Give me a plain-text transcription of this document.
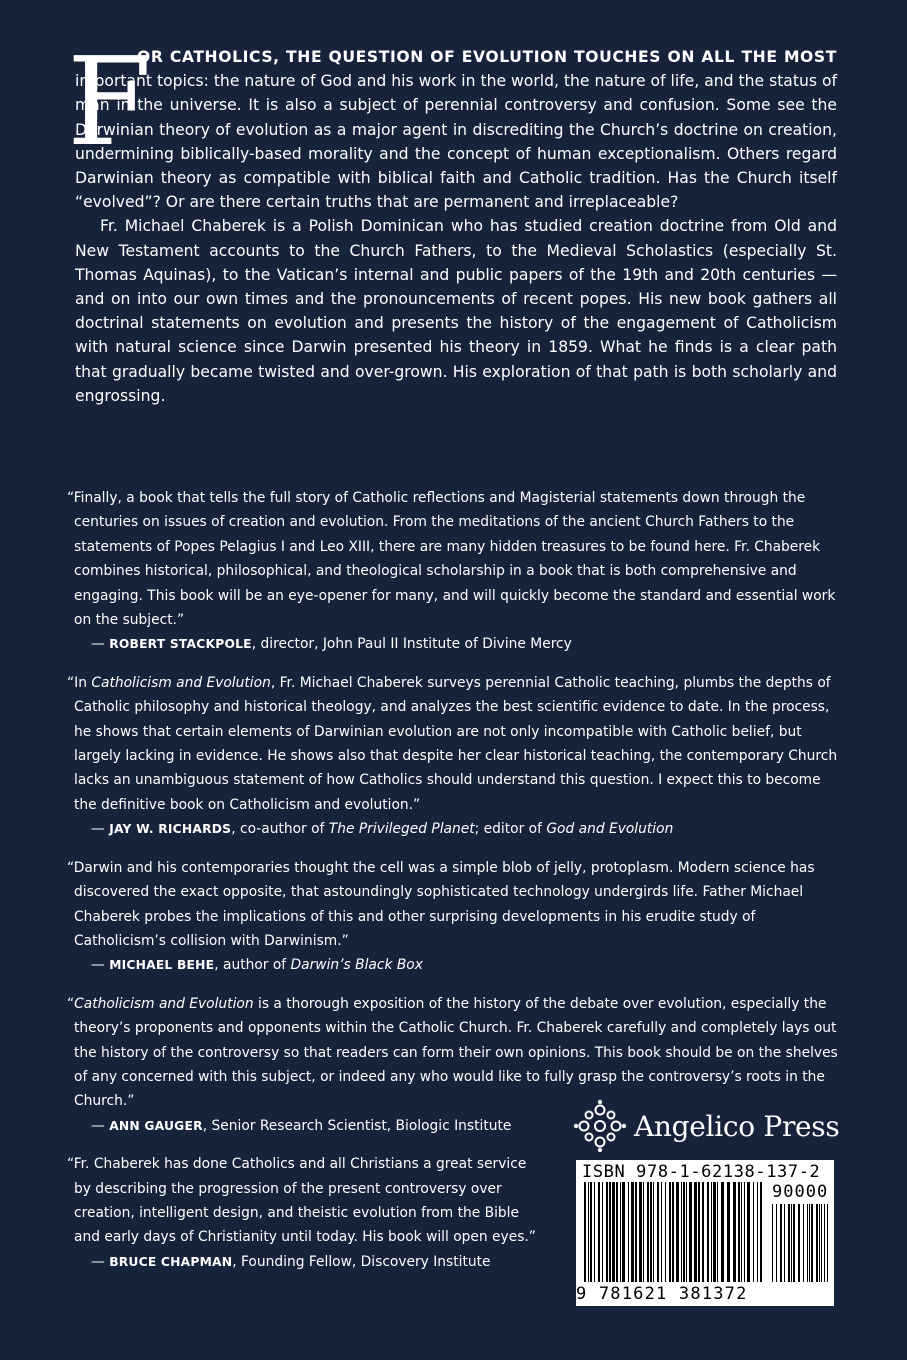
F

OR CATHOLICS, THE QUESTION OF EVOLUTION TOUCHES ON ALL THE MOST important topics: the nature of God and his work in the world, the nature of life, and the status of man in the universe. It is also a subject of perennial controversy and confusion. Some see the Darwinian theory of evolution as a major agent in discrediting the Church’s doctrine on creation, undermining biblically-based morality and the concept of human exceptionalism. Others regard Darwinian theory as compatible with biblical faith and Catholic tradition. Has the Church itself “evolved”? Or are there certain truths that are permanent and irreplaceable?

Fr. Michael Chaberek is a Polish Dominican who has studied creation doctrine from Old and New Testament accounts to the Church Fathers, to the Medieval Scholastics (especially St. Thomas Aquinas), to the Vatican’s internal and public papers of the 19th and 20th centuries — and on into our own times and the pronouncements of recent popes. His new book gathers all doctrinal statements on evolution and presents the history of the engagement of Catholicism with natural science since Darwin presented his theory in 1859. What he finds is a clear path that gradually became twisted and over-grown. His exploration of that path is both scholarly and engrossing.

“Finally, a book that tells the full story of Catholic reflections and Magisterial statements down through the centuries on issues of creation and evolution. From the meditations of the ancient Church Fathers to the statements of Popes Pelagius I and Leo XIII, there are many hidden treasures to be found here. Fr. Chaberek combines historical, philosophical, and theological scholarship in a book that is both comprehensive and engaging. This book will be an eye-opener for many, and will quickly become the standard and essential work on the subject.”

— ROBERT STACKPOLE, director, John Paul II Institute of Divine Mercy

“In Catholicism and Evolution, Fr. Michael Chaberek surveys perennial Catholic teaching, plumbs the depths of Catholic philosophy and historical theology, and analyzes the best scientific evidence to date. In the process, he shows that certain elements of Darwinian evolution are not only incompatible with Catholic belief, but largely lacking in evidence. He shows also that despite her clear historical teaching, the contemporary Church lacks an unambiguous statement of how Catholics should understand this question. I expect this to become the definitive book on Catholicism and evolution.”

— JAY W. RICHARDS, co-author of The Privileged Planet; editor of God and Evolution

“Darwin and his contemporaries thought the cell was a simple blob of jelly, protoplasm. Modern science has discovered the exact opposite, that astoundingly sophisticated technology undergirds life. Father Michael Chaberek probes the implications of this and other surprising developments in his erudite study of Catholicism’s collision with Darwinism.”

— MICHAEL BEHE, author of Darwin’s Black Box

“Catholicism and Evolution is a thorough exposition of the history of the debate over evolution, especially the theory’s proponents and opponents within the Catholic Church. Fr. Chaberek carefully and completely lays out the history of the controversy so that readers can form their own opinions. This book should be on the shelves of any concerned with this subject, or indeed any who would like to fully grasp the controversy’s roots in the Church.”

— ANN GAUGER, Senior Research Scientist, Biologic Institute

“Fr. Chaberek has done Catholics and all Christians a great service by describing the progression of the present controversy over creation, intelligent design, and theistic evolution from the Bible and early days of Christianity until today. His book will open eyes.”

— BRUCE CHAPMAN, Founding Fellow, Discovery Institute

Angelico Press
ISBN 978-1-62138-137-2
90000
9 781621 381372
